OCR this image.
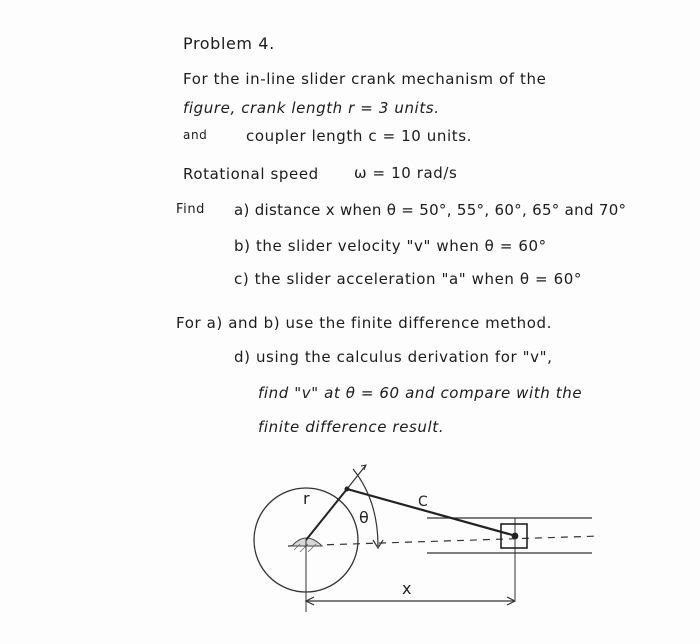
Problem 4.
For the in-line slider crank mechanism of the
figure, crank length r = 3 units.
and	coupler length c = 10 units.
Rotational speed ω = 10 rad/s
Find a) distance x when θ = 50°, 55°, 60°, 65° and 70°
b) the slider velocity "v" when θ = 60°
c) the slider acceleration "a" when θ = 60°
For a) and b) use the finite difference method.
d) using the calculus derivation for "v",
find "v" at θ = 60 and compare with the
finite difference result.
θ
r	C
x
